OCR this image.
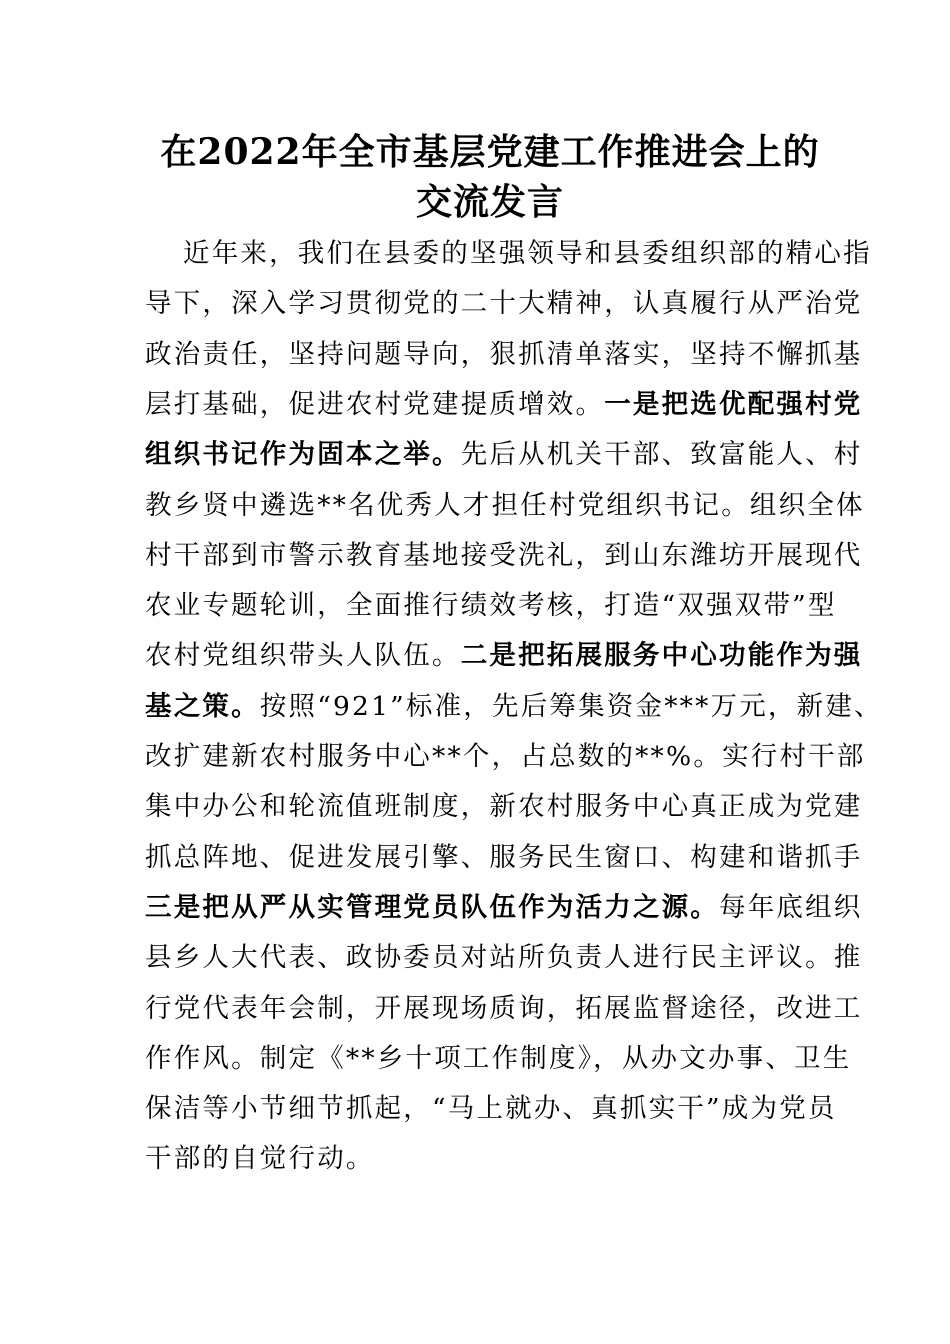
在2022年全市基层党建工作推进会上的
交流发言
近年来，我们在县委的坚强领导和县委组织部的精心指
导下，深入学习贯彻党的二十大精神，认真履行从严治党
政治责任，坚持问题导向，狠抓清单落实，坚持不懈抓基
层打基础，促进农村党建提质增效。一是把选优配强村党
组织书记作为固本之举。先后从机关干部、致富能人、村
教乡贤中遴选**名优秀人才担任村党组织书记。组织全体
村干部到市警示教育基地接受洗礼，到山东潍坊开展现代
农业专题轮训，全面推行绩效考核，打造“双强双带”型
农村党组织带头人队伍。二是把拓展服务中心功能作为强
基之策。按照“921”标准，先后筹集资金***万元，新建、
改扩建新农村服务中心**个，占总数的**%。实行村干部
集中办公和轮流值班制度，新农村服务中心真正成为党建
抓总阵地、促进发展引擎、服务民生窗口、构建和谐抓手
三是把从严从实管理党员队伍作为活力之源。每年底组织
县乡人大代表、政协委员对站所负责人进行民主评议。推
行党代表年会制，开展现场质询，拓展监督途径，改进工
作作风。制定《**乡十项工作制度》，从办文办事、卫生
保洁等小节细节抓起，“马上就办、真抓实干”成为党员
干部的自觉行动。
